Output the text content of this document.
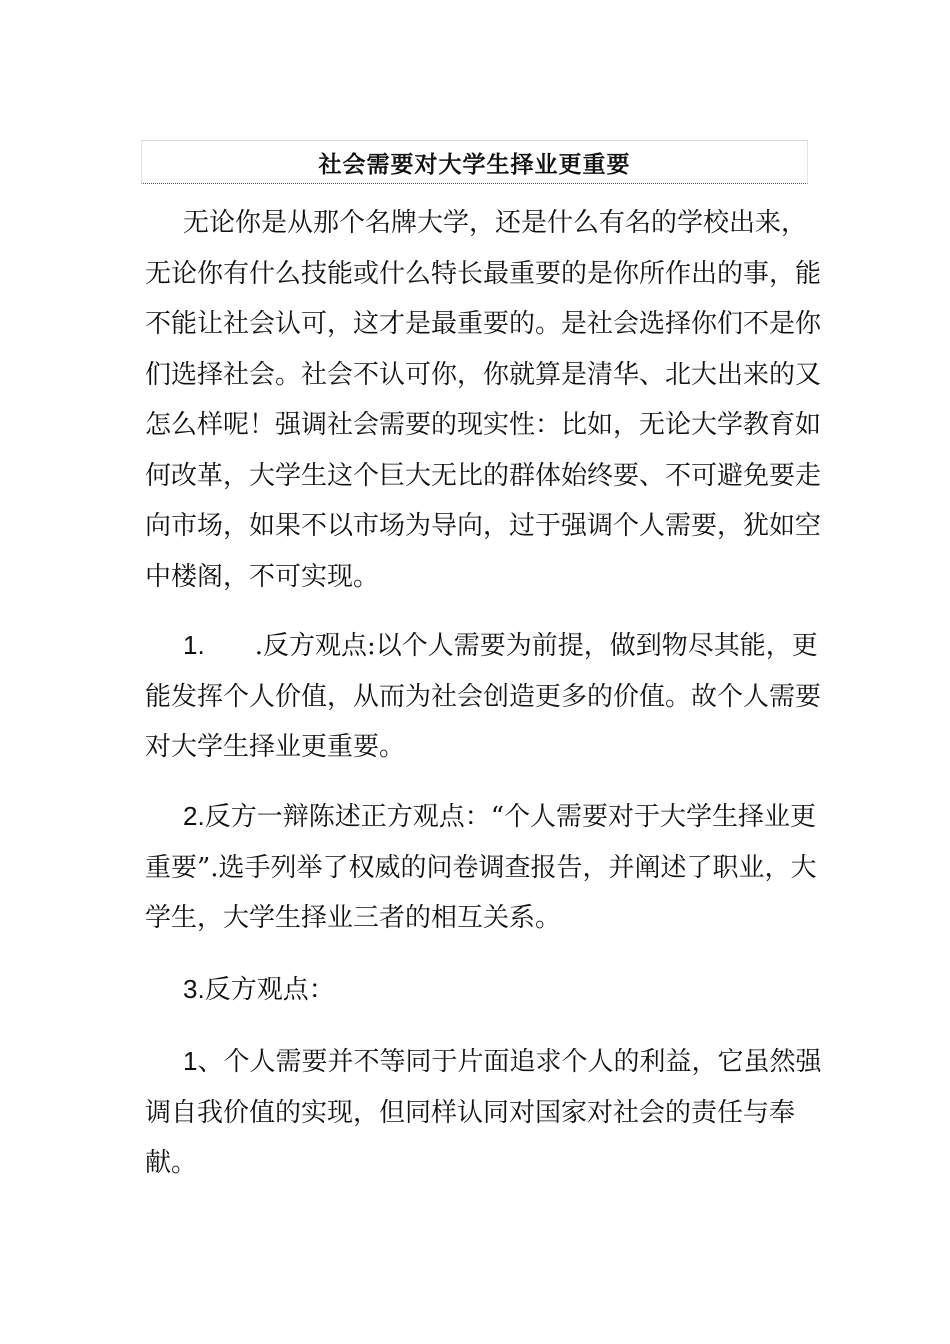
社会需要对大学生择业更重要
无论你是从那个名牌大学，还是什么有名的学校出来，
无论你有什么技能或什么特长最重要的是你所作出的事，能
不能让社会认可，这才是最重要的。是社会选择你们不是你
们选择社会。社会不认可你，你就算是清华、北大出来的又
怎么样呢！强调社会需要的现实性：比如，无论大学教育如
何改革，大学生这个巨大无比的群体始终要、不可避免要走
向市场，如果不以市场为导向，过于强调个人需要，犹如空
中楼阁，不可实现。
1. .反方观点:以个人需要为前提，做到物尽其能，更
能发挥个人价值，从而为社会创造更多的价值。故个人需要
对大学生择业更重要。
2.反方一辩陈述正方观点：“个人需要对于大学生择业更
重要”.选手列举了权威的问卷调查报告，并阐述了职业，大
学生，大学生择业三者的相互关系。
3.反方观点：
1、个人需要并不等同于片面追求个人的利益，它虽然强
调自我价值的实现，但同样认同对国家对社会的责任与奉
献。
